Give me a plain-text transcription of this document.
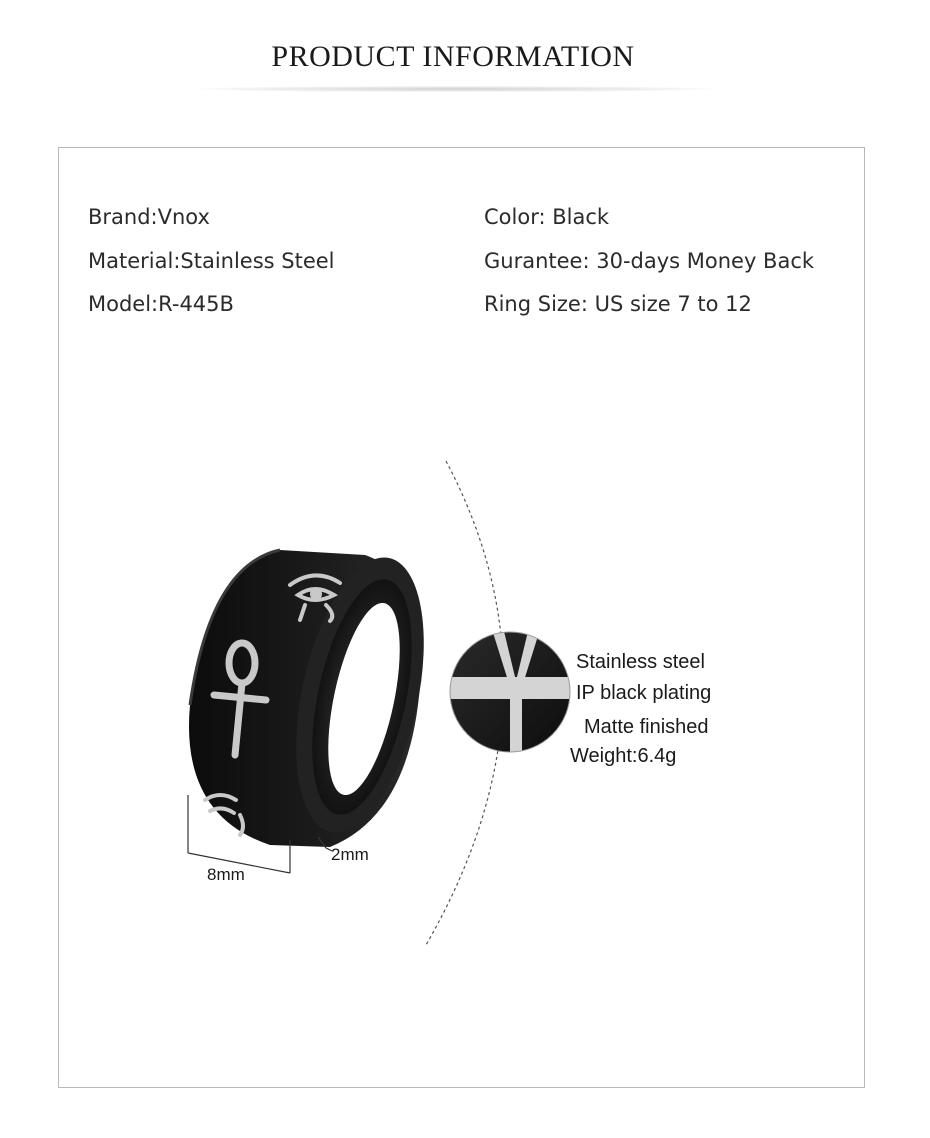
PRODUCT INFORMATION
Brand:Vnox
Material:Stainless Steel
Model:R-445B
Color: Black
Gurantee: 30-days Money Back
Ring Size: US size 7 to 12
Stainless steel
IP black plating
Matte finished
Weight:6.4g
8mm
2mm
